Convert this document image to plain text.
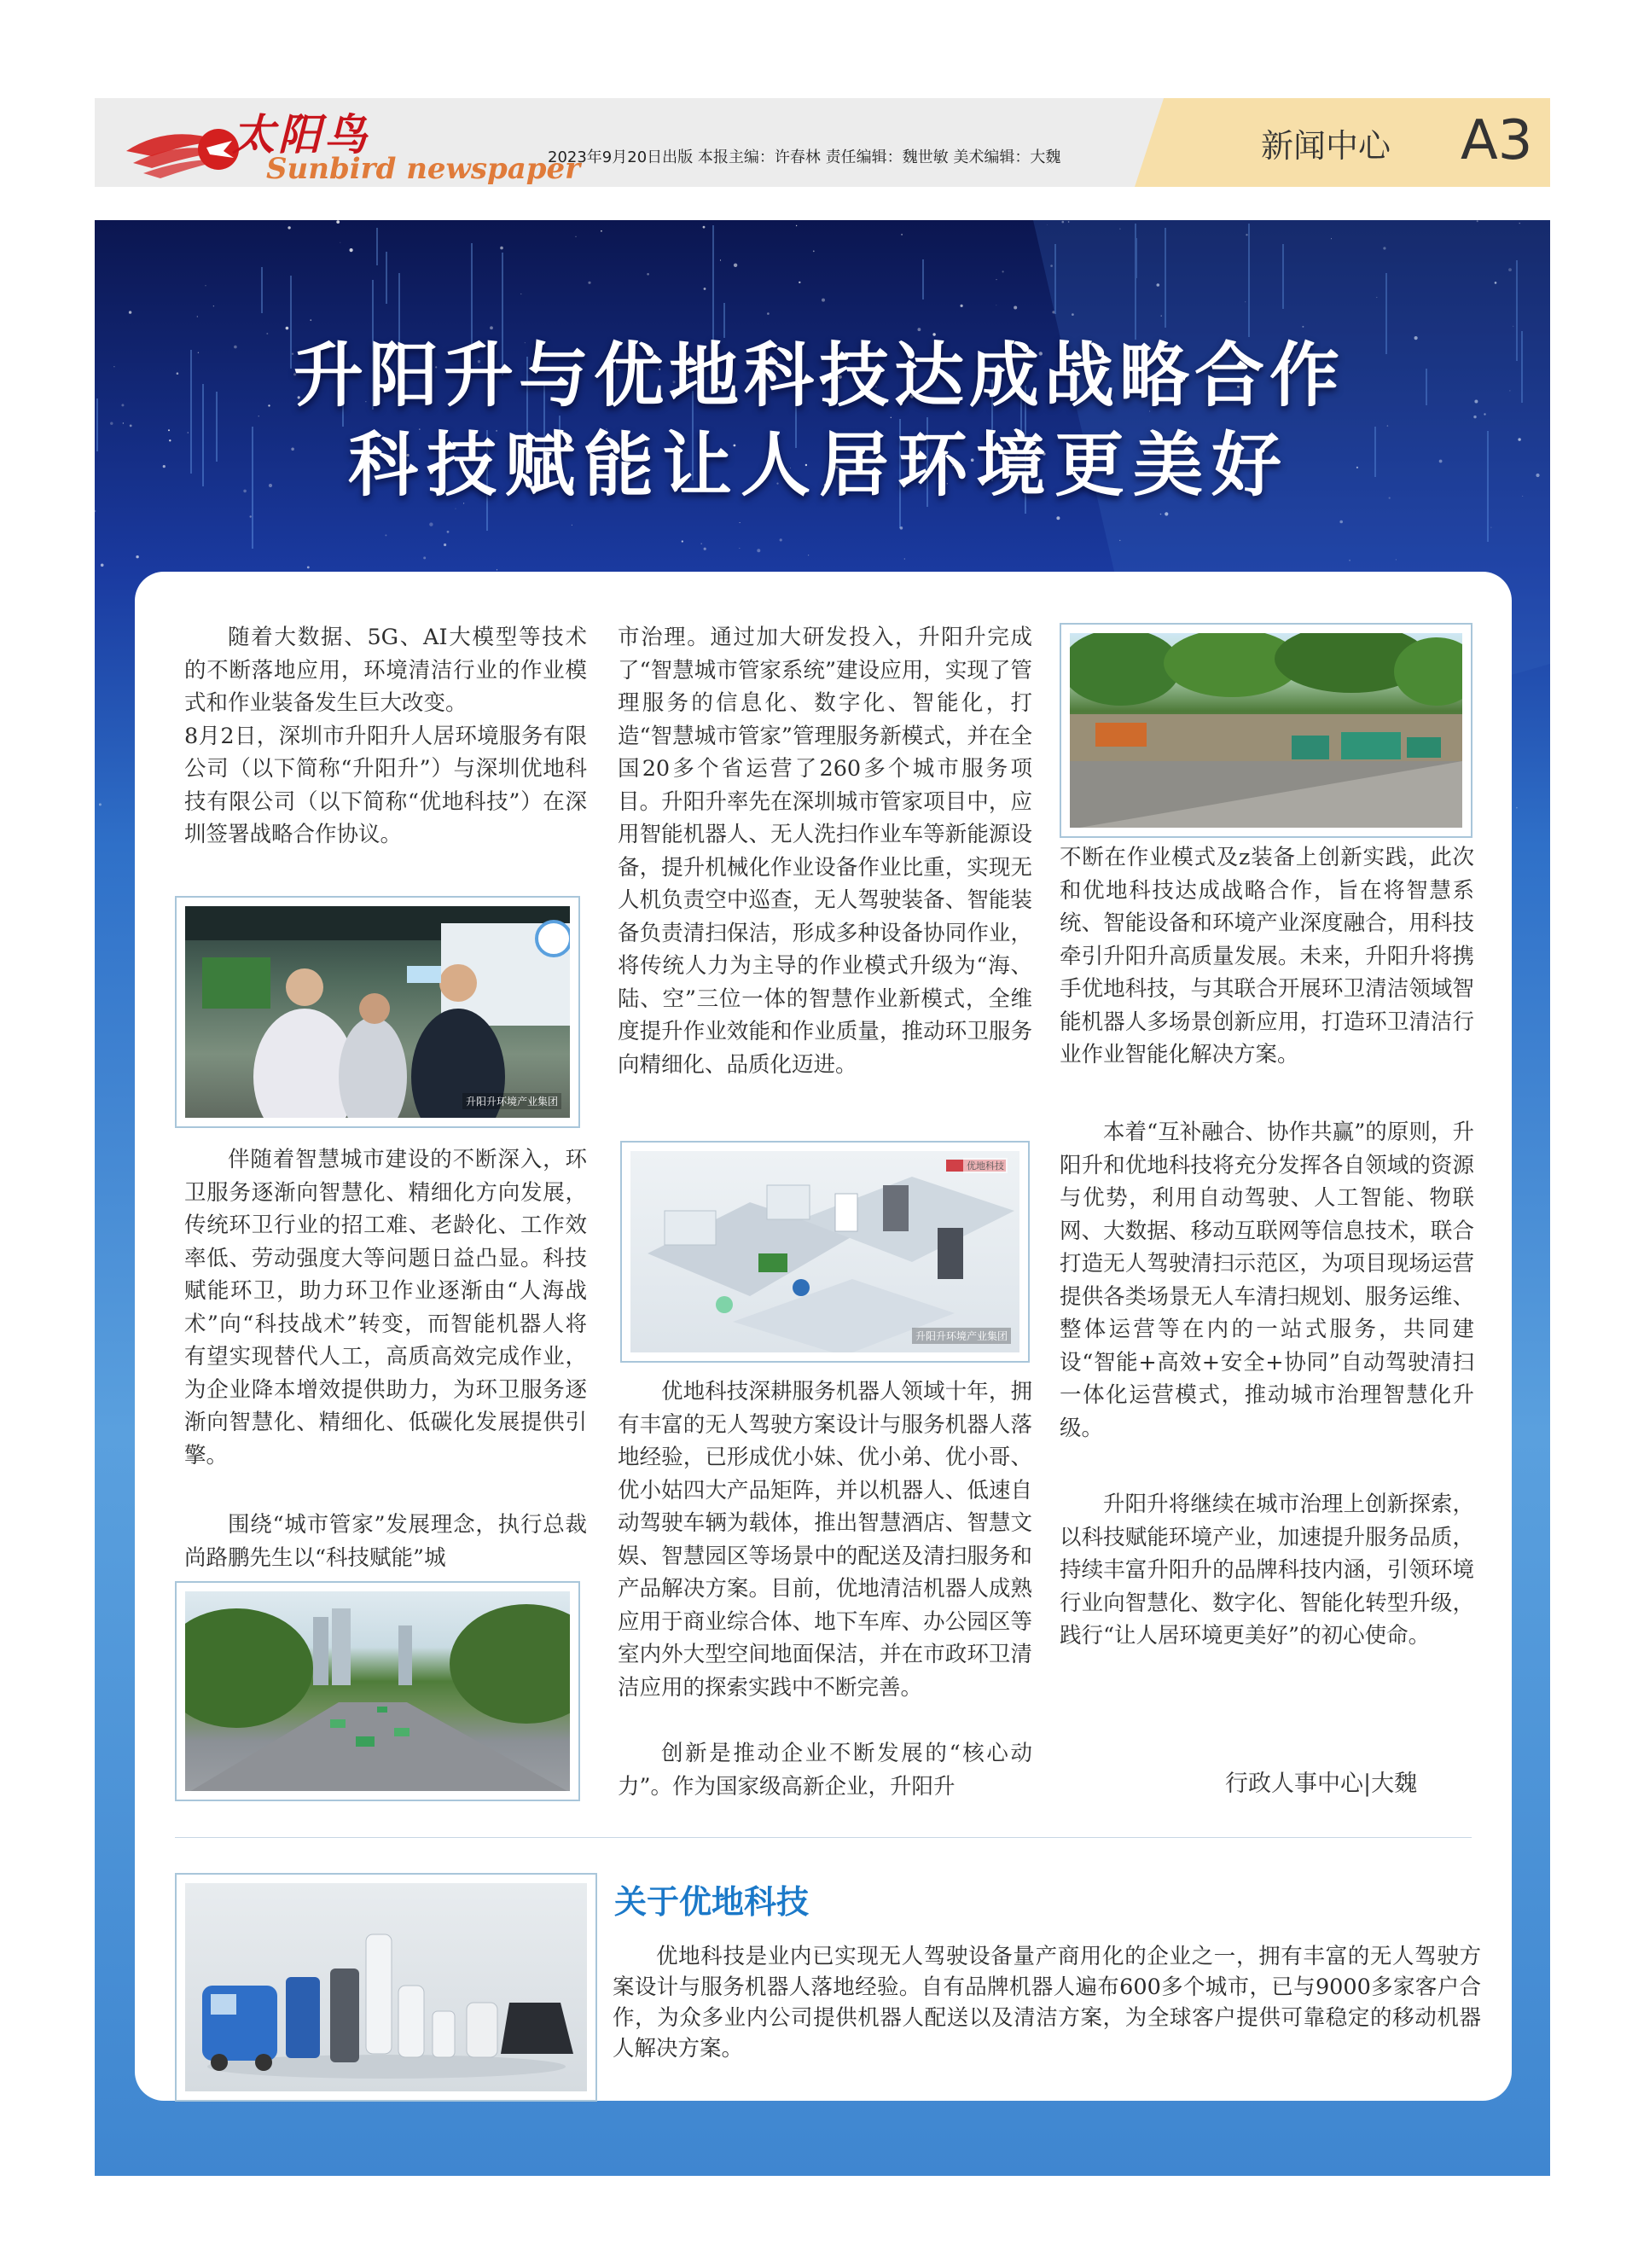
太阳鸟
Sunbird newspaper
2023年9月20日出版 本报主编：许春林 责任编辑：魏世敏 美术编辑：大魏	新闻中心 A3
升阳升与优地科技达成战略合作
科技赋能让人居环境更美好
升阳升环境产业集团
优地科技
升阳升环境产业集团

随着大数据、5G、AI大模型等技术的不断落地应用，环境清洁行业的作业模式和作业装备发生巨大改变。

8月2日，深圳市升阳升人居环境服务有限公司（以下简称“升阳升”）与深圳优地科技有限公司（以下简称“优地科技”）在深圳签署战略合作协议。

伴随着智慧城市建设的不断深入，环卫服务逐渐向智慧化、精细化方向发展，传统环卫行业的招工难、老龄化、工作效率低、劳动强度大等问题日益凸显。科技赋能环卫，助力环卫作业逐渐由“人海战术”向“科技战术”转变，而智能机器人将有望实现替代人工，高质高效完成作业，为企业降本增效提供助力，为环卫服务逐渐向智慧化、精细化、低碳化发展提供引擎。

围绕“城市管家”发展理念，执行总裁尚路鹏先生以“科技赋能”城

市治理。通过加大研发投入，升阳升完成了“智慧城市管家系统”建设应用，实现了管理服务的信息化、数字化、智能化，打造“智慧城市管家”管理服务新模式，并在全国20多个省运营了260多个城市服务项目。升阳升率先在深圳城市管家项目中，应用智能机器人、无人洗扫作业车等新能源设备，提升机械化作业设备作业比重，实现无人机负责空中巡查，无人驾驶装备、智能装备负责清扫保洁，形成多种设备协同作业，将传统人力为主导的作业模式升级为“海、陆、空”三位一体的智慧作业新模式，全维度提升作业效能和作业质量，推动环卫服务向精细化、品质化迈进。

优地科技深耕服务机器人领域十年，拥有丰富的无人驾驶方案设计与服务机器人落地经验，已形成优小妹、优小弟、优小哥、优小姑四大产品矩阵，并以机器人、低速自动驾驶车辆为载体，推出智慧酒店、智慧文娱、智慧园区等场景中的配送及清扫服务和产品解决方案。目前，优地清洁机器人成熟应用于商业综合体、地下车库、办公园区等室内外大型空间地面保洁，并在市政环卫清洁应用的探索实践中不断完善。

创新是推动企业不断发展的“核心动力”。作为国家级高新企业，升阳升

不断在作业模式及z装备上创新实践，此次和优地科技达成战略合作，旨在将智慧系统、智能设备和环境产业深度融合，用科技牵引升阳升高质量发展。未来，升阳升将携手优地科技，与其联合开展环卫清洁领域智能机器人多场景创新应用，打造环卫清洁行业作业智能化解决方案。

本着“互补融合、协作共赢”的原则，升阳升和优地科技将充分发挥各自领域的资源与优势，利用自动驾驶、人工智能、物联网、大数据、移动互联网等信息技术，联合打造无人驾驶清扫示范区，为项目现场运营提供各类场景无人车清扫规划、服务运维、整体运营等在内的一站式服务，共同建设“智能+高效+安全+协同”自动驾驶清扫一体化运营模式，推动城市治理智慧化升级。

升阳升将继续在城市治理上创新探索，以科技赋能环境产业，加速提升服务品质，持续丰富升阳升的品牌科技内涵，引领环境行业向智慧化、数字化、智能化转型升级，践行“让人居环境更美好”的初心使命。

行政人事中心|大魏
关于优地科技

优地科技是业内已实现无人驾驶设备量产商用化的企业之一，拥有丰富的无人驾驶方案设计与服务机器人落地经验。自有品牌机器人遍布600多个城市，已与9000多家客户合作，为众多业内公司提供机器人配送以及清洁方案，为全球客户提供可靠稳定的移动机器人解决方案。
